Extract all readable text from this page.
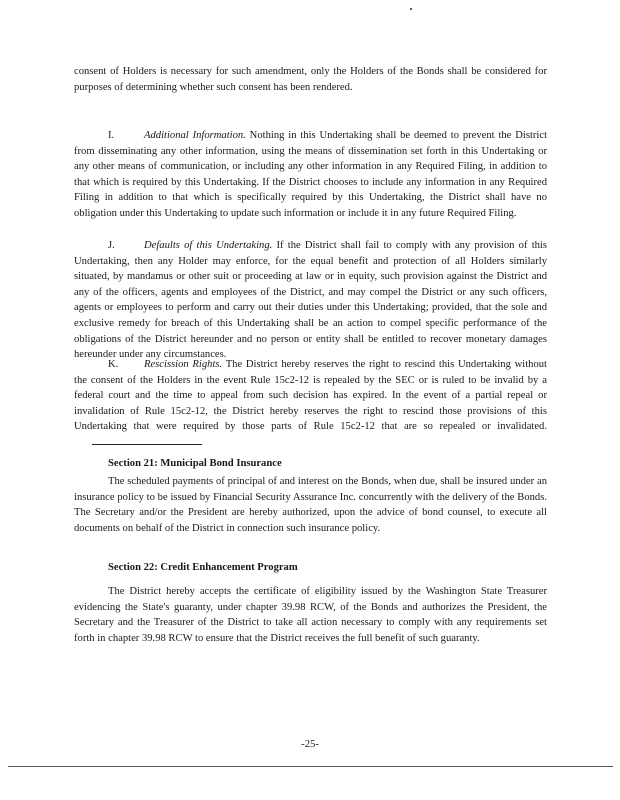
consent of Holders is necessary for such amendment, only the Holders of the Bonds shall be considered for purposes of determining whether such consent has been rendered.
I.	Additional Information. Nothing in this Undertaking shall be deemed to prevent the District from disseminating any other information, using the means of dissemination set forth in this Undertaking or any other means of communication, or including any other information in any Required Filing, in addition to that which is required by this Undertaking. If the District chooses to include any information in any Required Filing in addition to that which is specifically required by this Undertaking, the District shall have no obligation under this Undertaking to update such information or include it in any future Required Filing.
J.	Defaults of this Undertaking. If the District shall fail to comply with any provision of this Undertaking, then any Holder may enforce, for the equal benefit and protection of all Holders similarly situated, by mandamus or other suit or proceeding at law or in equity, such provision against the District and any of the officers, agents and employees of the District, and may compel the District or any such officers, agents or employees to perform and carry out their duties under this Undertaking; provided, that the sole and exclusive remedy for breach of this Undertaking shall be an action to compel specific performance of the obligations of the District hereunder and no person or entity shall be entitled to recover monetary damages hereunder under any circumstances.
K. Rescission Rights. The District hereby reserves the right to rescind this Undertaking without the consent of the Holders in the event Rule 15c2-12 is repealed by the SEC or is ruled to be invalid by a federal court and the time to appeal from such decision has expired. In the event of a partial repeal or invalidation of Rule 15c2-12, the District hereby reserves the right to rescind those provisions of this Undertaking that were required by those parts of Rule 15c2-12 that are so repealed or invalidated.
Section 21: Municipal Bond Insurance
The scheduled payments of principal of and interest on the Bonds, when due, shall be insured under an insurance policy to be issued by Financial Security Assurance Inc. concurrently with the delivery of the Bonds. The Secretary and/or the President are hereby authorized, upon the advice of bond counsel, to execute all documents on behalf of the District in connection such insurance policy.
Section 22: Credit Enhancement Program
The District hereby accepts the certificate of eligibility issued by the Washington State Treasurer evidencing the State's guaranty, under chapter 39.98 RCW, of the Bonds and authorizes the President, the Secretary and the Treasurer of the District to take all action necessary to comply with any requirements set forth in chapter 39.98 RCW to ensure that the District receives the full benefit of such guaranty.
-25-
